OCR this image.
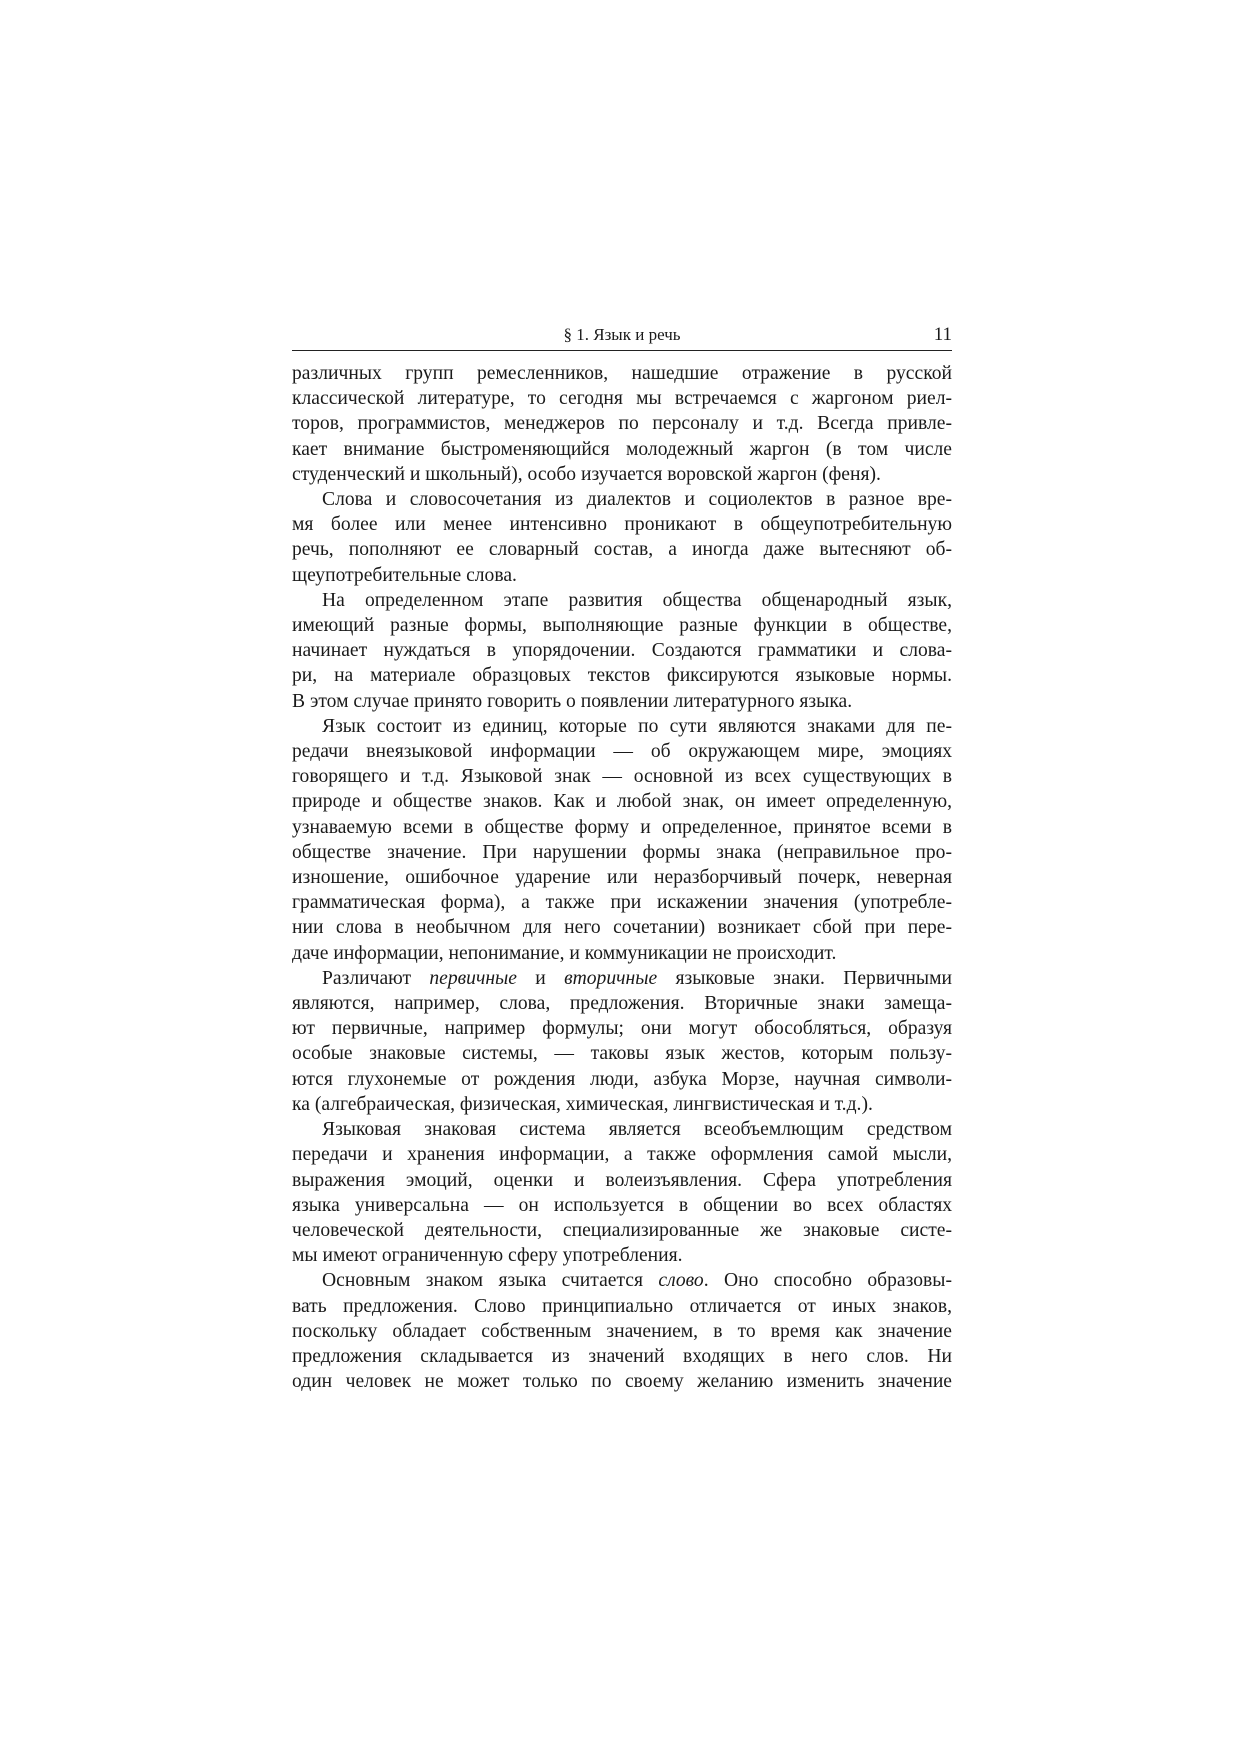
§ 1. Язык и речь	11

различных групп ремесленников, нашедшие отражение в русской
классической литературе, то сегодня мы встречаемся с жаргоном риел-
торов, программистов, менеджеров по персоналу и т.д. Всегда привле-
кает внимание быстроменяющийся молодежный жаргон (в том числе
студенческий и школьный), особо изучается воровской жаргон (феня).

Слова и словосочетания из диалектов и социолектов в разное вре-
мя более или менее интенсивно проникают в общеупотребительную
речь, пополняют ее словарный состав, а иногда даже вытесняют об-
щеупотребительные слова.

На определенном этапе развития общества общенародный язык,
имеющий разные формы, выполняющие разные функции в обществе,
начинает нуждаться в упорядочении. Создаются грамматики и слова-
ри, на материале образцовых текстов фиксируются языковые нормы.
В этом случае принято говорить о появлении литературного языка.

Язык состоит из единиц, которые по сути являются знаками для пе-
редачи внеязыковой информации — об окружающем мире, эмоциях
говорящего и т.д. Языковой знак — основной из всех существующих в
природе и обществе знаков. Как и любой знак, он имеет определенную,
узнаваемую всеми в обществе форму и определенное, принятое всеми в
обществе значение. При нарушении формы знака (неправильное про-
изношение, ошибочное ударение или неразборчивый почерк, неверная
грамматическая форма), а также при искажении значения (употребле-
нии слова в необычном для него сочетании) возникает сбой при пере-
даче информации, непонимание, и коммуникации не происходит.

Различают первичные и вторичные языковые знаки. Первичными
являются, например, слова, предложения. Вторичные знаки замеща-
ют первичные, например формулы; они могут обособляться, образуя
особые знаковые системы, — таковы язык жестов, которым пользу-
ются глухонемые от рождения люди, азбука Морзе, научная символи-
ка (алгебраическая, физическая, химическая, лингвистическая и т.д.).

Языковая знаковая система является всеобъемлющим средством
передачи и хранения информации, а также оформления самой мысли,
выражения эмоций, оценки и волеизъявления. Сфера употребления
языка универсальна — он используется в общении во всех областях
человеческой деятельности, специализированные же знаковые систе-
мы имеют ограниченную сферу употребления.

Основным знаком языка считается слово. Оно способно образовы-
вать предложения. Слово принципиально отличается от иных знаков,
поскольку обладает собственным значением, в то время как значение
предложения складывается из значений входящих в него слов. Ни
один человек не может только по своему желанию изменить значение
